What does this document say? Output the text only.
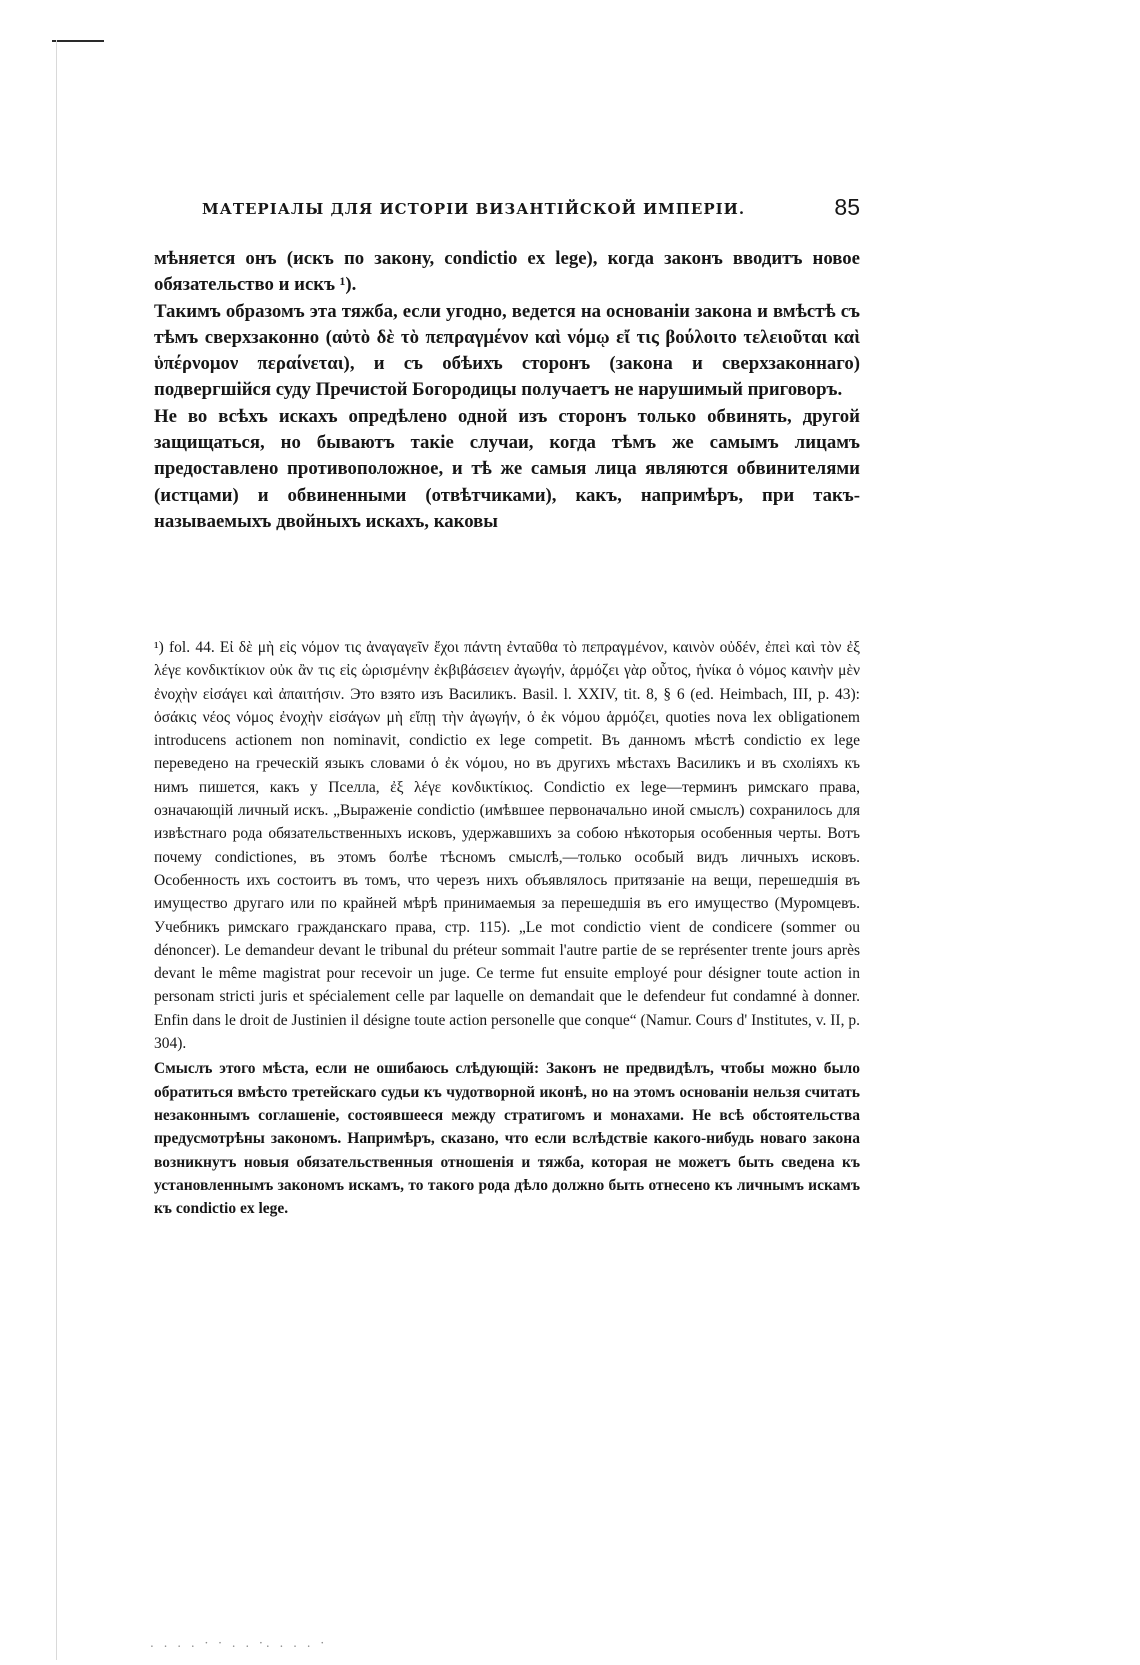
МАТЕРIАЛЫ ДЛЯ ИСТОРIИ ВИЗАНТIЙСКОЙ ИМПЕРIИ.	85

мѣняется онъ (искъ по закону, condictio ex lege), когда законъ вводитъ новое обязательство и искъ ¹).

Такимъ образомъ эта тяжба, если угодно, ведется на основанiи закона и вмѣстѣ съ тѣмъ сверхзаконно (αὐτὸ δὲ τὸ πεπραγμένον καὶ νόμῳ εἴ τις βούλοιτο τελειοῦται καὶ ὑπέρνομον περαίνεται), и съ обѣихъ сторонъ (закона и сверхзаконнаго) подвергшiйся суду Пречистой Богородицы получаетъ не нарушимый приговоръ.

Не во всѣхъ искахъ опредѣлено одной изъ сторонъ только обвинять, другой защищаться, но бываютъ такiе случаи, когда тѣмъ же самымъ лицамъ предоставлено противоположное, и тѣ же самыя лица являются обвинителями (истцами) и обвиненными (отвѣтчиками), какъ, напримѣръ, при такъ-называемыхъ двойныхъ искахъ, каковы

¹) fol. 44. Εἰ δὲ μὴ εἰς νόμον τις ἀναγαγεῖν ἔχοι πάντη ἐνταῦθα τὸ πεπραγμένον, καινὸν οὐδέν, ἐπεὶ καὶ τὸν ἐξ λέγε κονδικτίκιον οὐκ ἂν τις εἰς ὡρισμένην ἐκβιβάσειεν ἀγωγήν, ἁρμόζει γὰρ οὗτος, ἡνίκα ὁ νόμος καινὴν μὲν ἐνοχὴν εἰσάγει καὶ ἀπαιτήσιν. Это взято изъ Василикъ. Basil. l. XXIV, tit. 8, § 6 (ed. Heimbach, III, p. 43): ὁσάκις νέος νόμος ἐνοχὴν εἰσάγων μὴ εἴπῃ τὴν ἀγωγήν, ὁ ἐκ νόμου ἁρμόζει, quoties nova lex obligationem introducens actionem non nominavit, condictio ex lege competit. Въ данномъ мѣстѣ condictio ex lege переведено на греческiй языкъ словами ὁ ἐκ νόμου, но въ другихъ мѣстахъ Василикъ и въ схолiяхъ къ нимъ пишется, какъ у Пселла, ἐξ λέγε κονδικτίκιος. Condictio ex lege—терминъ римскаго права, означающiй личный искъ. „Выраженiе condictio (имѣвшее первоначально иной смыслъ) сохранилось для извѣстнаго рода обязательственныхъ исковъ, удержавшихъ за собою нѣкоторыя особенныя черты. Вотъ почему condictiones, въ этомъ болѣе тѣсномъ смыслѣ,—только особый видъ личныхъ исковъ. Особенность ихъ состоитъ въ томъ, что черезъ нихъ объявлялось притязанiе на вещи, перешедшiя въ имущество другаго или по крайней мѣрѣ принимаемыя за перешедшiя въ его имущество (Муромцевъ. Учебникъ римскаго гражданскаго права, стр. 115). „Le mot condictio vient de condicere (sommer ou dénoncer). Le demandeur devant le tribunal du préteur sommait l'autre partie de se représenter trente jours après devant le même magistrat pour recevoir un juge. Ce terme fut ensuite employé pour désigner toute action in personam stricti juris et spécialement celle par laquelle on demandait que le defendeur fut condamné à donner. Enfin dans le droit de Justinien il désigne toute action personelle que conque“ (Namur. Cours d' Institutes, v. II, p. 304).

Смыслъ этого мѣста, если не ошибаюсь слѣдующiй: Законъ не предвидѣлъ, чтобы можно было обратиться вмѣсто третейскаго судьи къ чудотворной иконѣ, но на этомъ основанiи нельзя считать незаконнымъ соглашенiе, состоявшееся между стратигомъ и монахами. Не всѣ обстоятельства предусмотрѣны закономъ. Напримѣръ, сказано, что если вслѣдствiе какого-нибудь новаго закона возникнутъ новыя обязательственныя отношенiя и тяжба, которая не можетъ быть сведена къ установленнымъ закономъ искамъ, то такого рода дѣло должно быть отнесено къ личнымъ искамъ къ condictio ex lege.

. . . . · · . . ·. . . . ·
